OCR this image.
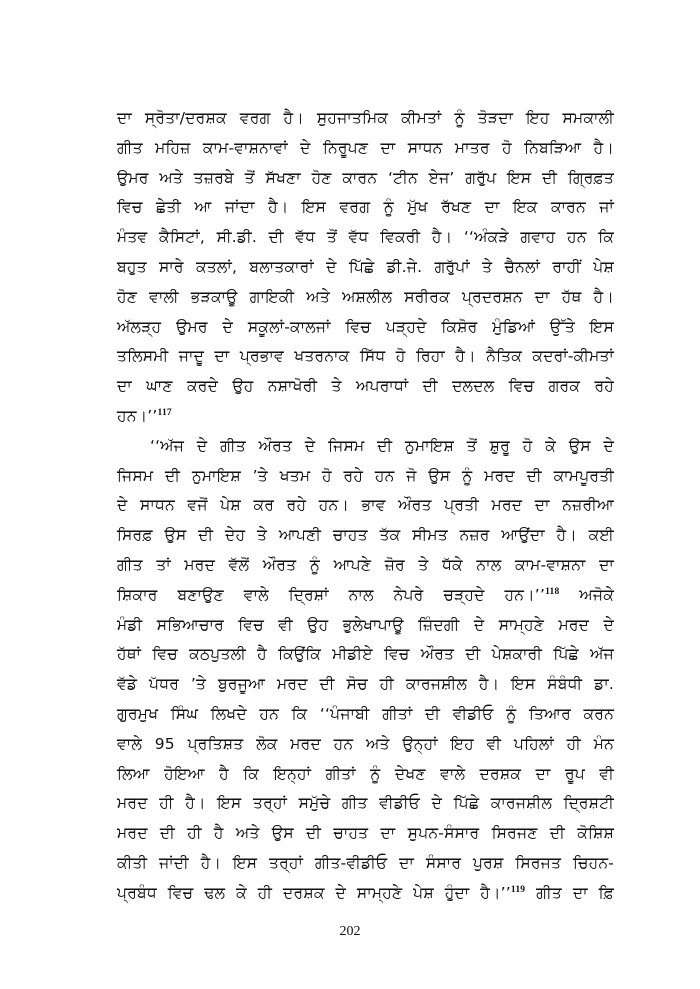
ਦਾ ਸ੍ਰੋਤਾ/ਦਰਸ਼ਕ ਵਰਗ ਹੈ। ਸੁਹਜਾਤਮਿਕ ਕੀਮਤਾਂ ਨੂੰ ਤੋੜਦਾ ਇਹ ਸਮਕਾਲੀ
ਗੀਤ ਮਹਿਜ਼ ਕਾਮ-ਵਾਸ਼ਨਾਵਾਂ ਦੇ ਨਿਰੂਪਣ ਦਾ ਸਾਧਨ ਮਾਤਰ ਹੋ ਨਿਬੜਿਆ ਹੈ।
ਉਮਰ ਅਤੇ ਤਜ਼ਰਬੇ ਤੋਂ ਸੱਖਣਾ ਹੋਣ ਕਾਰਨ ‘ਟੀਨ ਏਜ’ ਗਰੁੱਪ ਇਸ ਦੀ ਗ੍ਰਿਫ਼ਤ
ਵਿਚ ਛੇਤੀ ਆ ਜਾਂਦਾ ਹੈ। ਇਸ ਵਰਗ ਨੂੰ ਮੁੱਖ ਰੱਖਣ ਦਾ ਇਕ ਕਾਰਨ ਜਾਂ
ਮੰਤਵ ਕੈਸਿਟਾਂ, ਸੀ.ਡੀ. ਦੀ ਵੱਧ ਤੋਂ ਵੱਧ ਵਿਕਰੀ ਹੈ। ‘‘ਅੰਕੜੇ ਗਵਾਹ ਹਨ ਕਿ
ਬਹੁਤ ਸਾਰੇ ਕਤਲਾਂ, ਬਲਾਤਕਾਰਾਂ ਦੇ ਪਿੱਛੇ ਡੀ.ਜੇ. ਗਰੁੱਪਾਂ ਤੇ ਚੈਨਲਾਂ ਰਾਹੀਂ ਪੇਸ਼
ਹੋਣ ਵਾਲੀ ਭੜਕਾਊ ਗਾਇਕੀ ਅਤੇ ਅਸ਼ਲੀਲ ਸਰੀਰਕ ਪ੍ਰਦਰਸ਼ਨ ਦਾ ਹੱਥ ਹੈ।
ਅੱਲੜ੍ਹ ਉਮਰ ਦੇ ਸਕੂਲਾਂ-ਕਾਲਜਾਂ ਵਿਚ ਪੜ੍ਹਦੇ ਕਿਸ਼ੋਰ ਮੁੰਡਿਆਂ ਉੱਤੇ ਇਸ
ਤਲਿਸਮੀ ਜਾਦੂ ਦਾ ਪ੍ਰਭਾਵ ਖਤਰਨਾਕ ਸਿੱਧ ਹੋ ਰਿਹਾ ਹੈ। ਨੈਤਿਕ ਕਦਰਾਂ-ਕੀਮਤਾਂ
ਦਾ ਘਾਣ ਕਰਦੇ ਉਹ ਨਸ਼ਾਖੋਰੀ ਤੇ ਅਪਰਾਧਾਂ ਦੀ ਦਲਦਲ ਵਿਚ ਗਰਕ ਰਹੇ
ਹਨ।’’$^{117}$
‘‘ਅੱਜ ਦੇ ਗੀਤ ਔਰਤ ਦੇ ਜਿਸਮ ਦੀ ਨੁਮਾਇਸ਼ ਤੋਂ ਸ਼ੁਰੂ ਹੋ ਕੇ ਉਸ ਦੇ
ਜਿਸਮ ਦੀ ਨੁਮਾਇਸ਼ ’ਤੇ ਖਤਮ ਹੋ ਰਹੇ ਹਨ ਜੋ ਉਸ ਨੂੰ ਮਰਦ ਦੀ ਕਾਮਪੂਰਤੀ
ਦੇ ਸਾਧਨ ਵਜੋਂ ਪੇਸ਼ ਕਰ ਰਹੇ ਹਨ। ਭਾਵ ਔਰਤ ਪ੍ਰਤੀ ਮਰਦ ਦਾ ਨਜ਼ਰੀਆ
ਸਿਰਫ਼ ਉਸ ਦੀ ਦੇਹ ਤੇ ਆਪਣੀ ਚਾਹਤ ਤੱਕ ਸੀਮਤ ਨਜ਼ਰ ਆਉਂਦਾ ਹੈ। ਕਈ
ਗੀਤ ਤਾਂ ਮਰਦ ਵੱਲੋਂ ਔਰਤ ਨੂੰ ਆਪਣੇ ਜ਼ੋਰ ਤੇ ਧੱਕੇ ਨਾਲ ਕਾਮ-ਵਾਸ਼ਨਾ ਦਾ
ਸ਼ਿਕਾਰ ਬਣਾਉਣ ਵਾਲੇ ਦ੍ਰਿਸ਼ਾਂ ਨਾਲ ਨੇਪਰੇ ਚੜ੍ਹਦੇ ਹਨ।’’$^{118}$ ਅਜੋਕੇ
ਮੰਡੀ ਸਭਿਆਚਾਰ ਵਿਚ ਵੀ ਉਹ ਭੁਲੇਖਾਪਾਊ ਜ਼ਿੰਦਗੀ ਦੇ ਸਾਮ੍ਹਣੇ ਮਰਦ ਦੇ
ਹੱਥਾਂ ਵਿਚ ਕਠਪੁਤਲੀ ਹੈ ਕਿਉਂਕਿ ਮੀਡੀਏ ਵਿਚ ਔਰਤ ਦੀ ਪੇਸ਼ਕਾਰੀ ਪਿੱਛੇ ਅੱਜ
ਵੱਡੇ ਪੱਧਰ ’ਤੇ ਬੁਰਜੂਆ ਮਰਦ ਦੀ ਸੋਚ ਹੀ ਕਾਰਜਸ਼ੀਲ ਹੈ। ਇਸ ਸੰਬੰਧੀ ਡਾ.
ਗੁਰਮੁਖ ਸਿੰਘ ਲਿਖਦੇ ਹਨ ਕਿ ‘‘ਪੰਜਾਬੀ ਗੀਤਾਂ ਦੀ ਵੀਡੀਓ ਨੂੰ ਤਿਆਰ ਕਰਨ
ਵਾਲੇ 95 ਪ੍ਰਤਿਸ਼ਤ ਲੋਕ ਮਰਦ ਹਨ ਅਤੇ ਉਨ੍ਹਾਂ ਇਹ ਵੀ ਪਹਿਲਾਂ ਹੀ ਮੰਨ
ਲਿਆ ਹੋਇਆ ਹੈ ਕਿ ਇਨ੍ਹਾਂ ਗੀਤਾਂ ਨੂੰ ਦੇਖਣ ਵਾਲੇ ਦਰਸ਼ਕ ਦਾ ਰੂਪ ਵੀ
ਮਰਦ ਹੀ ਹੈ। ਇਸ ਤਰ੍ਹਾਂ ਸਮੁੱਚੇ ਗੀਤ ਵੀਡੀਓ ਦੇ ਪਿੱਛੇ ਕਾਰਜਸ਼ੀਲ ਦ੍ਰਿਸ਼ਟੀ
ਮਰਦ ਦੀ ਹੀ ਹੈ ਅਤੇ ਉਸ ਦੀ ਚਾਹਤ ਦਾ ਸੁਪਨ-ਸੰਸਾਰ ਸਿਰਜਣ ਦੀ ਕੋਸ਼ਿਸ਼
ਕੀਤੀ ਜਾਂਦੀ ਹੈ। ਇਸ ਤਰ੍ਹਾਂ ਗੀਤ-ਵੀਡੀਓ ਦਾ ਸੰਸਾਰ ਪੁਰਸ਼ ਸਿਰਜਤ ਚਿਹਨ-
ਪ੍ਰਬੰਧ ਵਿਚ ਢਲ ਕੇ ਹੀ ਦਰਸ਼ਕ ਦੇ ਸਾਮ੍ਹਣੇ ਪੇਸ਼ ਹੁੰਦਾ ਹੈ।’’$^{119}$ ਗੀਤ ਦਾ ਫ਼ਿ
202
